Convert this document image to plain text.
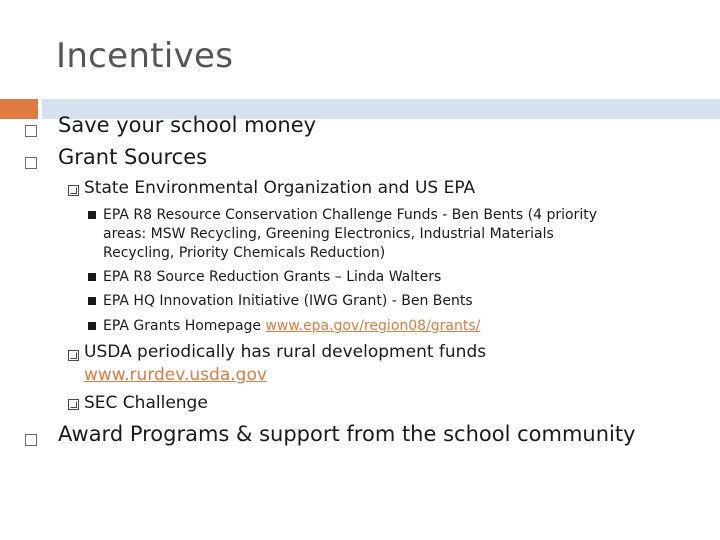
Incentives
Save your school money
Grant Sources
State Environmental Organization and US EPA
EPA R8 Resource Conservation Challenge Funds - Ben Bents (4 priority
areas: MSW Recycling, Greening Electronics, Industrial Materials
Recycling, Priority Chemicals Reduction)
EPA R8 Source Reduction Grants – Linda Walters
EPA HQ Innovation Initiative (IWG Grant) - Ben Bents
EPA Grants Homepage www.epa.gov/region08/grants/
USDA periodically has rural development funds
www.rurdev.usda.gov
SEC Challenge
Award Programs & support from the school community
